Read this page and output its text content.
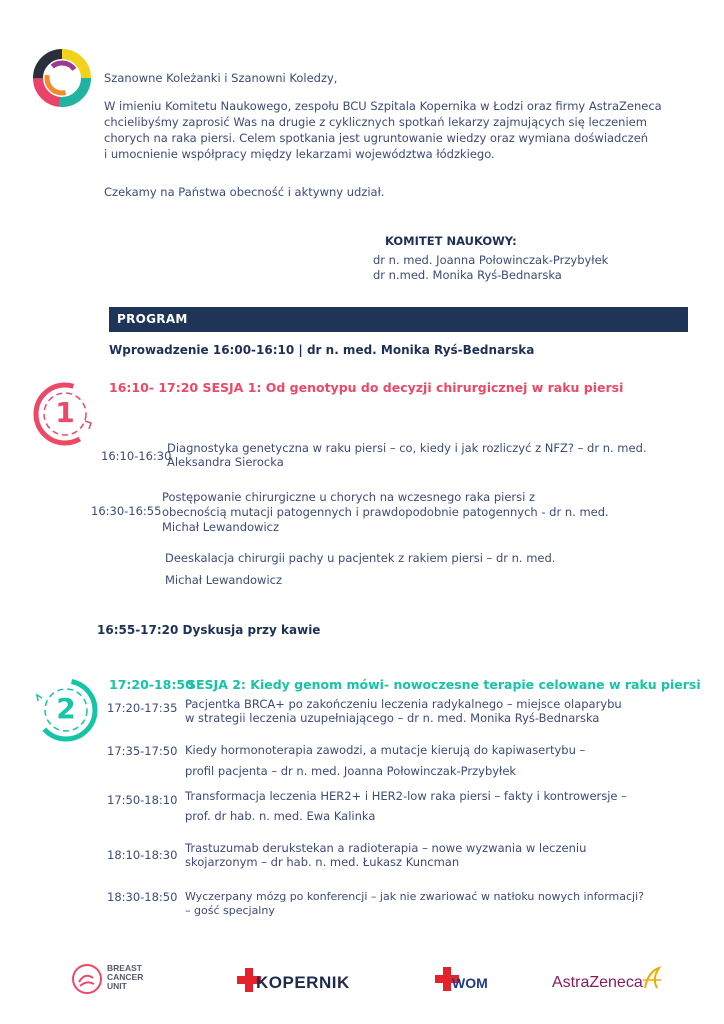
Szanowne Koleżanki i Szanowni Koledzy,
W imieniu Komitetu Naukowego, zespołu BCU Szpitala Kopernika w Łodzi oraz firmy AstraZeneca
chcielibyśmy zaprosić Was na drugie z cyklicznych spotkań lekarzy zajmujących się leczeniem
chorych na raka piersi. Celem spotkania jest ugruntowanie wiedzy oraz wymiana doświadczeń
i umocnienie współpracy między lekarzami województwa łódzkiego.
Czekamy na Państwa obecność i aktywny udział.
KOMITET NAUKOWY:
dr n. med. Joanna Połowinczak-Przybyłek
dr n.med. Monika Ryś-Bednarska
PROGRAM
Wprowadzenie 16:00-16:10 | dr n. med. Monika Ryś-Bednarska
1
16:10- 17:20 SESJA 1: Od genotypu do decyzji chirurgicznej w raku piersi
16:10-16:30
Diagnostyka genetyczna w raku piersi – co, kiedy i jak rozliczyć z NFZ? – dr n. med.
Aleksandra Sierocka
16:30-16:55
Postępowanie chirurgiczne u chorych na wczesnego raka piersi z
obecnością mutacji patogennych i prawdopodobnie patogennych - dr n. med.
Michał Lewandowicz
Deeskalacja chirurgii pachy u pacjentek z rakiem piersi – dr n. med.
Michał Lewandowicz
16:55-17:20 Dyskusja przy kawie
2
17:20-18:50
SESJA 2: Kiedy genom mówi- nowoczesne terapie celowane w raku piersi
17:20-17:35 Pacjentka BRCA+ po zakończeniu leczenia radykalnego – miejsce olaparybu
w strategii leczenia uzupełniającego – dr n. med. Monika Ryś-Bednarska
17:35-17:50 Kiedy hormonoterapia zawodzi, a mutacje kierują do kapiwasertybu –
profil pacjenta – dr n. med. Joanna Połowinczak-Przybyłek
17:50-18:10 Transformacja leczenia HER2+ i HER2-low raka piersi – fakty i kontrowersje –
prof. dr hab. n. med. Ewa Kalinka
18:10-18:30 Trastuzumab derukstekan a radioterapia – nowe wyzwania w leczeniu
skojarzonym – dr hab. n. med. Łukasz Kuncman
18:30-18:50 Wyczerpany mózg po konferencji – jak nie zwariować w natłoku nowych informacji?
– gość specjalny
BREAST
CANCER
UNIT	KOPERNIK	WOM	AstraZeneca
